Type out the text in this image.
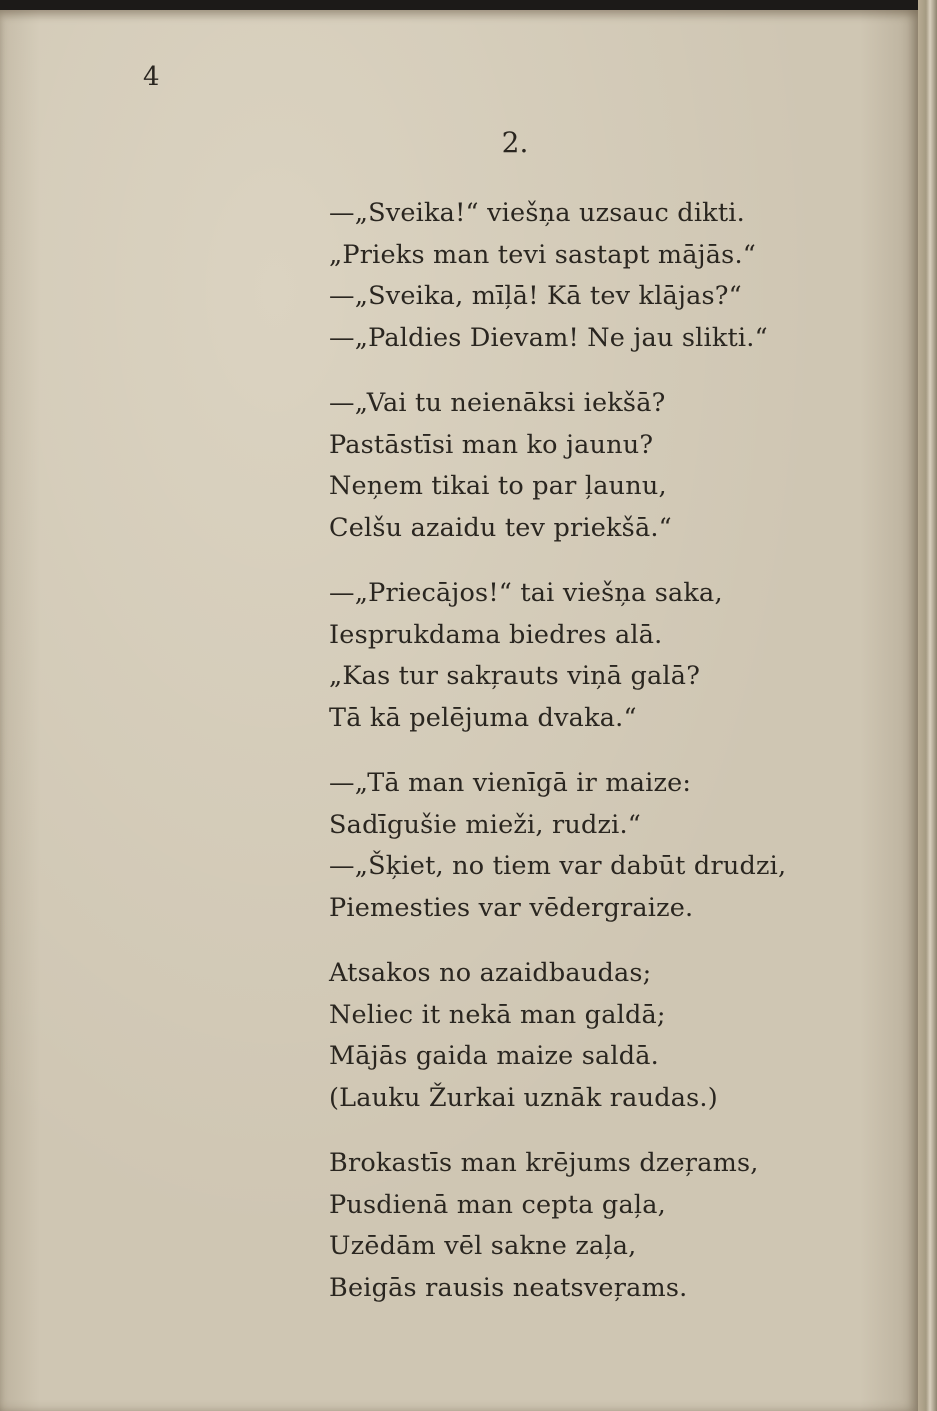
4
2.
—„Sveika!“ viešņa uzsauc dikti.
„Prieks man tevi sastapt mājās.“
—„Sveika, mīļā! Kā tev klājas?“
—„Paldies Dievam! Ne jau slikti.“
—„Vai tu neienāksi iekšā?
Pastāstīsi man ko jaunu?
Neņem tikai to par ļaunu,
Celšu azaidu tev priekšā.“
—„Priecājos!“ tai viešņa saka,
Iesprukdama biedres alā.
„Kas tur sakŗauts viņā galā?
Tā kā pelējuma dvaka.“
—„Tā man vienīgā ir maize:
Sadīgušie mieži, rudzi.“
—„Šķiet, no tiem var dabūt drudzi,
Piemesties var vēdergraize.
Atsakos no azaidbaudas;
Neliec it nekā man galdā;
Mājās gaida maize saldā.
(Lauku Žurkai uznāk raudas.)
Brokastīs man krējums dzeŗams,
Pusdienā man cepta gaļa,
Uzēdām vēl sakne zaļa,
Beigās rausis neatsveŗams.
